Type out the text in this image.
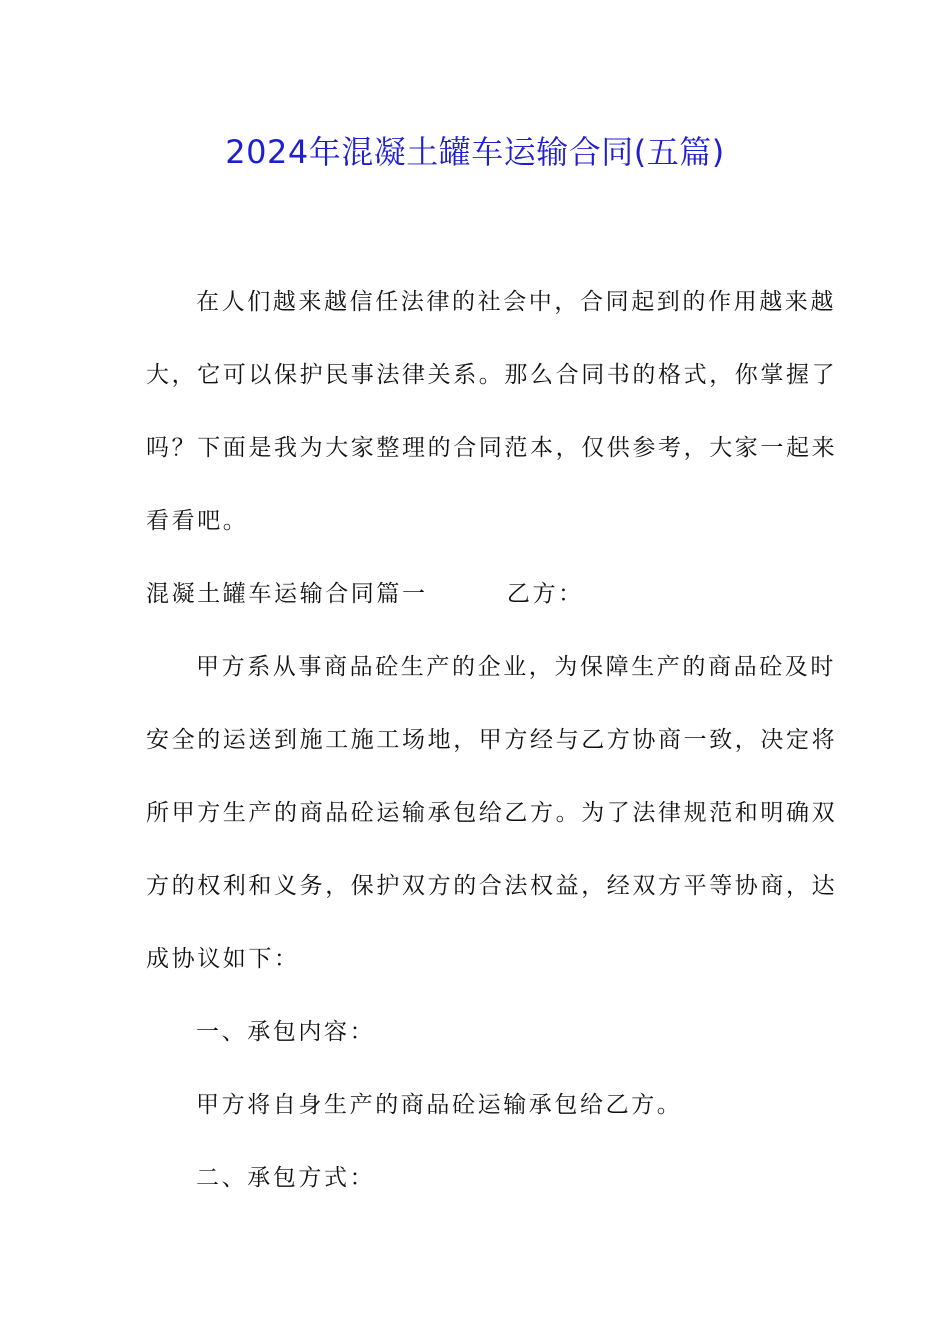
2024年混凝土罐车运输合同(五篇)
在人们越来越信任法律的社会中，合同起到的作用越来越
大，它可以保护民事法律关系。那么合同书的格式，你掌握了
吗？下面是我为大家整理的合同范本，仅供参考，大家一起来
看看吧。
混凝土罐车运输合同篇一        乙方：
甲方系从事商品砼生产的企业，为保障生产的商品砼及时
安全的运送到施工施工场地，甲方经与乙方协商一致，决定将
所甲方生产的商品砼运输承包给乙方。为了法律规范和明确双
方的权利和义务，保护双方的合法权益，经双方平等协商，达
成协议如下：
一、承包内容：
甲方将自身生产的商品砼运输承包给乙方。
二、承包方式：
